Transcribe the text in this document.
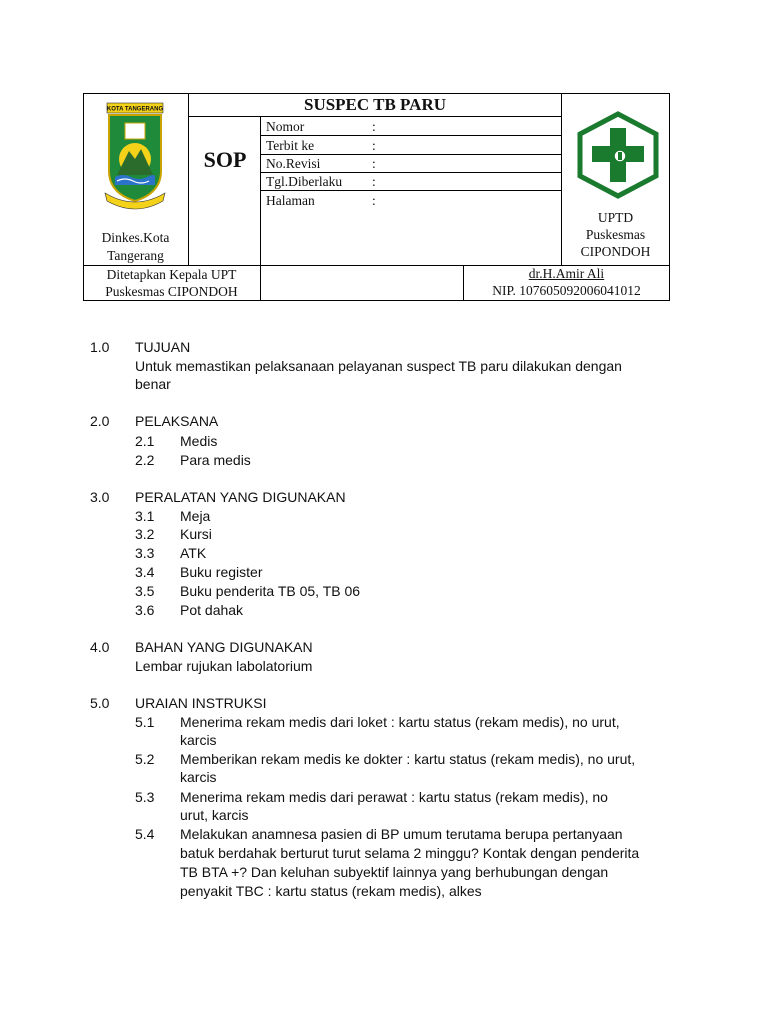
KOTA TANGERANG
Dinkes.Kota
Tangerang
SUSPEC TB PARU
SOP
Nomor	:
Terbit ke	:
No.Revisi	:
Tgl.Diberlaku :
Halaman	:
UPTD
Puskesmas
CIPONDOH
Ditetapkan Kepala UPT
Puskesmas CIPONDOH
dr.H.Amir Ali
NIP. 107605092006041012
1.0 TUJUAN
Untuk memastikan pelaksanaan pelayanan suspect TB paru dilakukan dengan
benar
2.0 PELAKSANA
2.1 Medis
2.2 Para medis
3.0 PERALATAN YANG DIGUNAKAN
3.1 Meja
3.2 Kursi
3.3 ATK
3.4 Buku register
3.5 Buku penderita TB 05, TB 06
3.6 Pot dahak
4.0 BAHAN YANG DIGUNAKAN
Lembar rujukan labolatorium
5.0 URAIAN INSTRUKSI
5.1 Menerima rekam medis dari loket : kartu status (rekam medis), no urut,
karcis
5.2 Memberikan rekam medis ke dokter : kartu status (rekam medis), no urut,
karcis
5.3 Menerima rekam medis dari perawat : kartu status (rekam medis), no
urut, karcis
5.4 Melakukan anamnesa pasien di BP umum terutama berupa pertanyaan
batuk berdahak berturut turut selama 2 minggu? Kontak dengan penderita
TB BTA +? Dan keluhan subyektif lainnya yang berhubungan dengan
penyakit TBC : kartu status (rekam medis), alkes
